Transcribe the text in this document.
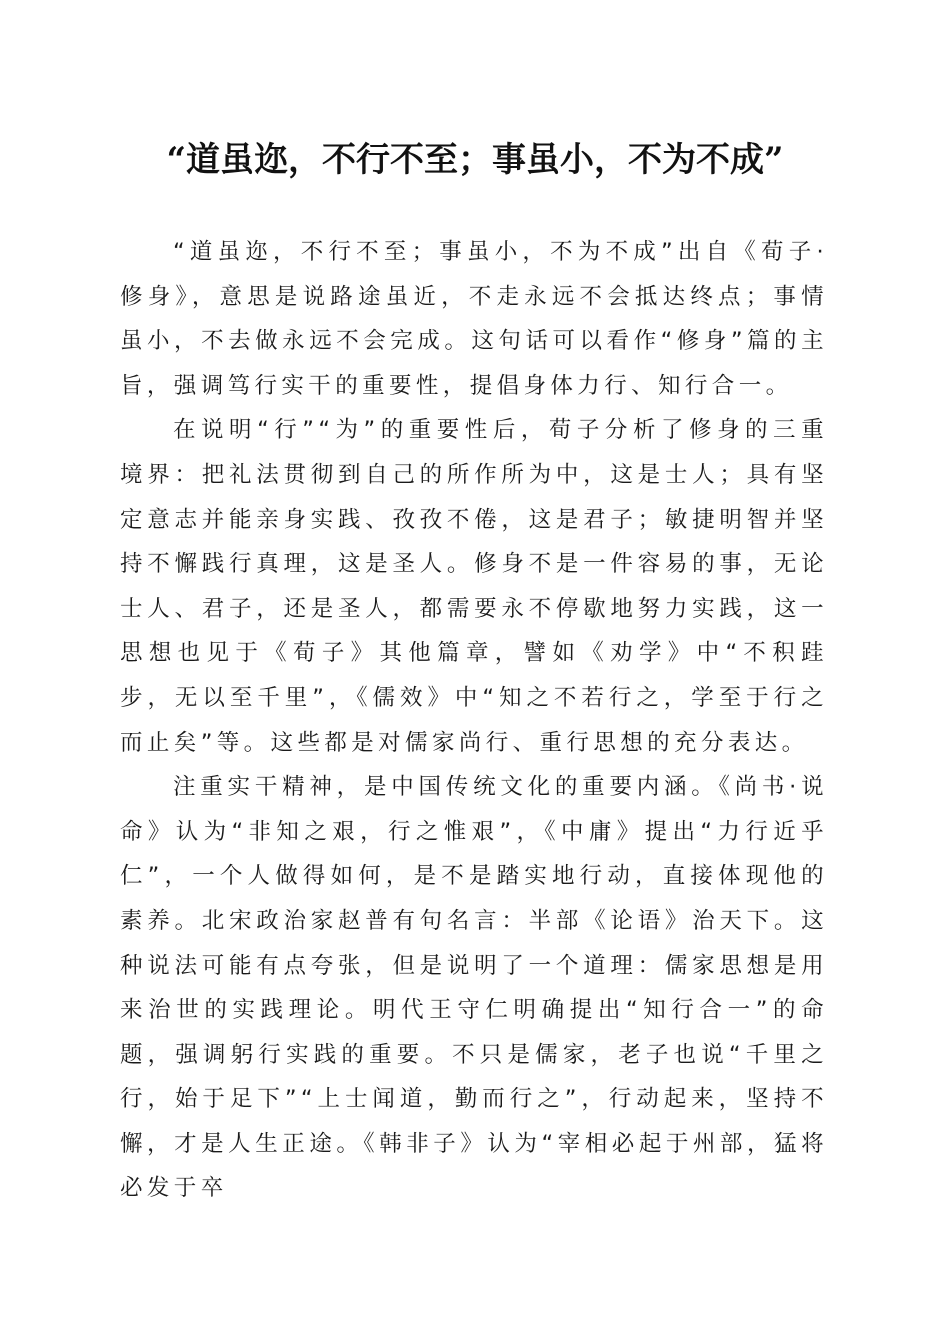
“道虽迩，不行不至；事虽小，不为不成”

“道虽迩，不行不至；事虽小，不为不成”出自《荀子·修身》，意思是说路途虽近，不走永远不会抵达终点；事情虽小，不去做永远不会完成。这句话可以看作“修身”篇的主旨，强调笃行实干的重要性，提倡身体力行、知行合一。

在说明“行”“为”的重要性后，荀子分析了修身的三重境界：把礼法贯彻到自己的所作所为中，这是士人；具有坚定意志并能亲身实践、孜孜不倦，这是君子；敏捷明智并坚持不懈践行真理，这是圣人。修身不是一件容易的事，无论士人、君子，还是圣人，都需要永不停歇地努力实践，这一思想也见于《荀子》其他篇章，譬如《劝学》中“不积跬步，无以至千里”，《儒效》中“知之不若行之，学至于行之而止矣”等。这些都是对儒家尚行、重行思想的充分表达。

注重实干精神，是中国传统文化的重要内涵。《尚书·说命》认为“非知之艰，行之惟艰”，《中庸》提出“力行近乎仁”，一个人做得如何，是不是踏实地行动，直接体现他的素养。北宋政治家赵普有句名言：半部《论语》治天下。这种说法可能有点夸张，但是说明了一个道理：儒家思想是用来治世的实践理论。明代王守仁明确提出“知行合一”的命题，强调躬行实践的重要。不只是儒家，老子也说“千里之行，始于足下”“上士闻道，勤而行之”，行动起来，坚持不懈，才是人生正途。《韩非子》认为“宰相必起于州部，猛将必发于卒
